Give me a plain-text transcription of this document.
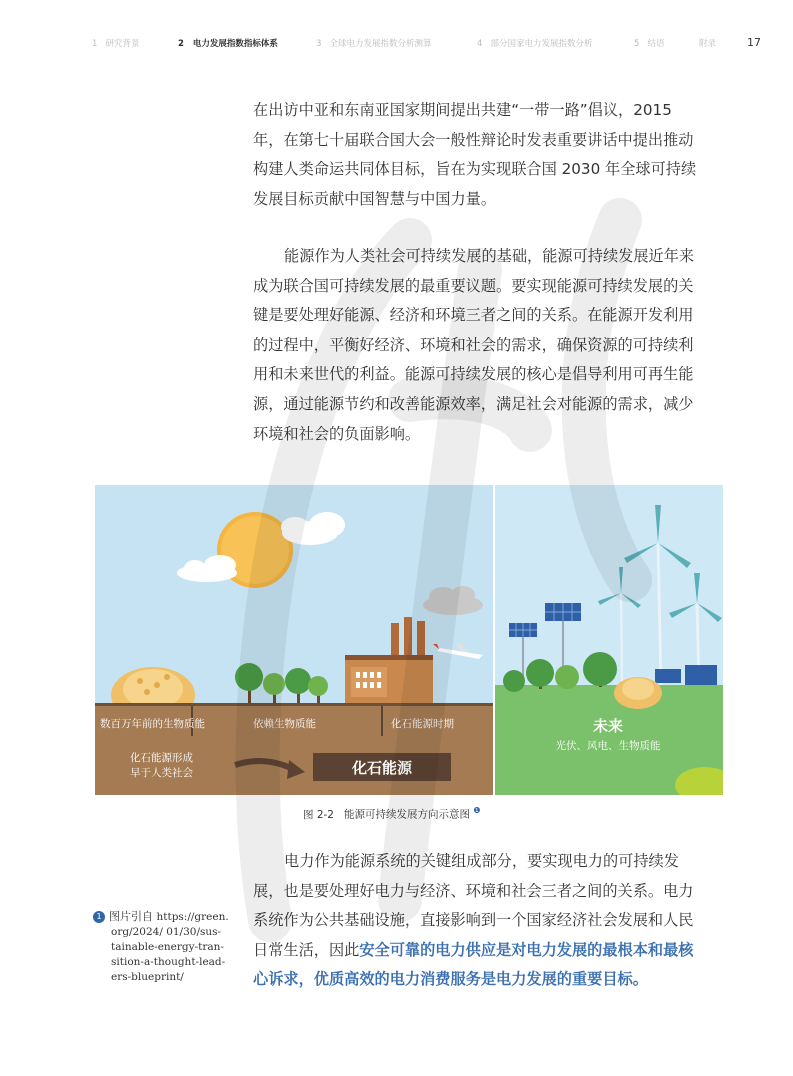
1 研究背景	2 电力发展指数指标体系	3 全球电力发展指数分析测算	4 部分国家电力发展指数分析	5 结语	附录	17
在出访中亚和东南亚国家期间提出共建“一带一路”倡议，2015
年，在第七十届联合国大会一般性辩论时发表重要讲话中提出推动
构建人类命运共同体目标，旨在为实现联合国 2030 年全球可持续
发展目标贡献中国智慧与中国力量。
能源作为人类社会可持续发展的基础，能源可持续发展近年来
成为联合国可持续发展的最重要议题。要实现能源可持续发展的关
键是要处理好能源、经济和环境三者之间的关系。在能源开发利用
的过程中，平衡好经济、环境和社会的需求，确保资源的可持续利
用和未来世代的利益。能源可持续发展的核心是倡导利用可再生能
源，通过能源节约和改善能源效率，满足社会对能源的需求，减少
环境和社会的负面影响。
数百万年前的生物质能	依赖生物质能	化石能源时期
化石能源形成
早于人类社会	化石能源
未来
光伏、风电、生物质能
图 2-2 能源可持续发展方向示意图 $^❶$
电力作为能源系统的关键组成部分，要实现电力的可持续发
展，也是要处理好电力与经济、环境和社会三者之间的关系。电力
系统作为公共基础设施，直接影响到一个国家经济社会发展和人民
日常生活，因此安全可靠的电力供应是对电力发展的最根本和最核
心诉求，优质高效的电力消费服务是电力发展的重要目标。
1 图片引自 https://green.
org/2024/ 01/30/sus-
tainable-energy-tran-
sition-a-thought-lead-
ers-blueprint/
